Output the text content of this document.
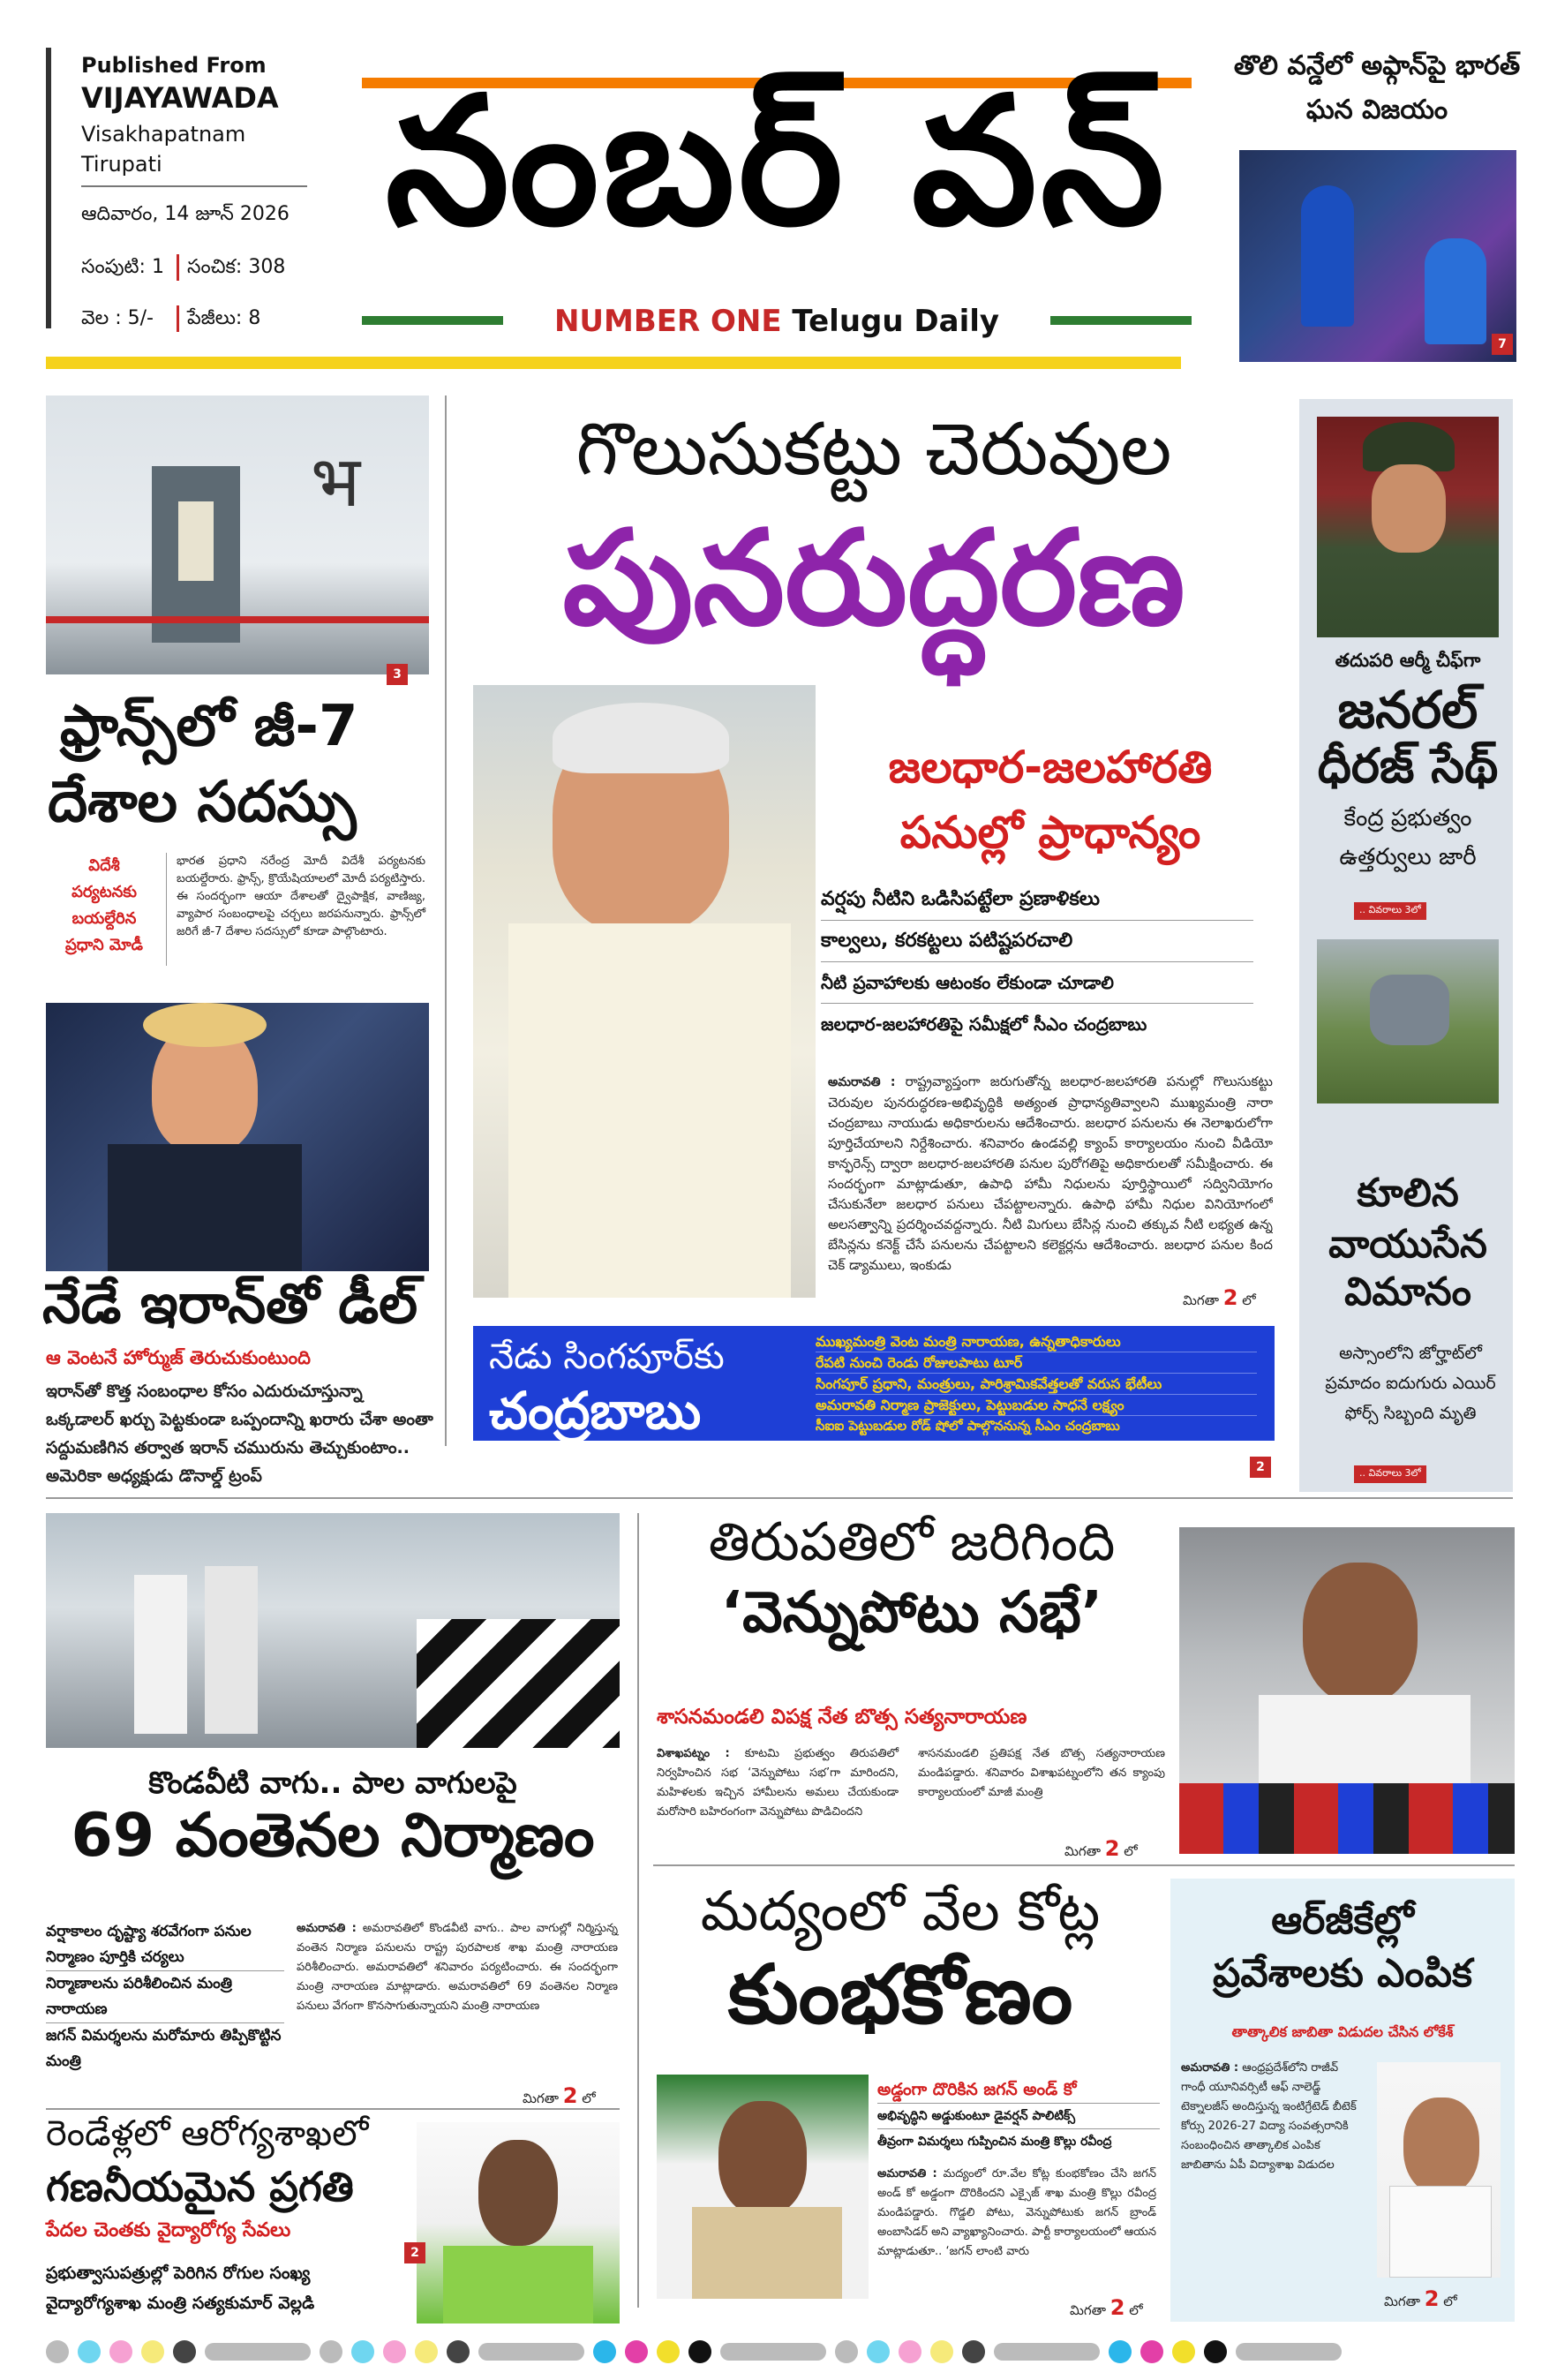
Published From
VIJAYAWADA
Visakhapatnam
Tirupati
ఆదివారం, 14 జూన్ 2026
సంపుటి: 1 సంచిక: 308
వెల : 5/- పేజీలు: 8
నంబర్ వన్
NUMBER ONE Telugu Daily
తొలి వన్డేలో అఫ్గాన్‌పై భారత్ ఘన విజయం
7
भ
3
ఫ్రాన్స్‌లో జీ-7
దేశాల సదస్సు
విదేశీ
పర్యటనకు
బయల్దేరిన
ప్రధాని మోడీ
భారత ప్రధాని నరేంద్ర మోదీ విదేశీ పర్యటనకు బయల్దేరారు. ఫ్రాన్స్, క్రొయేషియాలలో మోదీ పర్యటిస్తారు. ఈ సందర్భంగా ఆయా దేశాలతో ద్వైపాక్షిక, వాణిజ్య, వ్యాపార సంబంధాలపై చర్చలు జరపనున్నారు. ఫ్రాన్స్‌లో జరిగే జీ-7 దేశాల సదస్సులో కూడా పాల్గొంటారు.
నేడే ఇరాన్‌తో డీల్
ఆ వెంటనే హోర్ముజ్ తెరుచుకుంటుంది
ఇరాన్‌తో కొత్త సంబంధాల కోసం ఎదురుచూస్తున్నా ఒక్కడాలర్ ఖర్చు పెట్టకుండా ఒప్పందాన్ని ఖరారు చేశా అంతా సద్దుమణిగిన తర్వాత ఇరాన్ చమురును తెచ్చుకుంటాం.. అమెరికా అధ్యక్షుడు డొనాల్డ్ ట్రంప్
గొలుసుకట్టు చెరువుల
పునరుద్ధరణ
జలధార-జలహారతి
పనుల్లో ప్రాధాన్యం
వర్షపు నీటిని ఒడిసిపట్టేలా ప్రణాళికలు
కాల్వలు, కరకట్టలు పటిష్టపరచాలి
నీటి ప్రవాహాలకు ఆటంకం లేకుండా చూడాలి
జలధార-జలహారతిపై సమీక్షలో సీఎం చంద్రబాబు
అమరావతి : రాష్ట్రవ్యాప్తంగా జరుగుతోన్న జలధార-జలహారతి పనుల్లో గొలుసుకట్టు చెరువుల పునరుద్ధరణ-అభివృద్ధికి అత్యంత ప్రాధాన్యతివ్వాలని ముఖ్యమంత్రి నారా చంద్రబాబు నాయుడు అధికారులను ఆదేశించారు. జలధార పనులను ఈ నెలాఖరులోగా పూర్తిచేయాలని నిర్దేశించారు. శనివారం ఉండవల్లి క్యాంప్ కార్యాలయం నుంచి వీడియో కాన్ఫరెన్స్ ద్వారా జలధార-జలహారతి పనుల పురోగతిపై అధికారులతో సమీక్షించారు. ఈ సందర్భంగా మాట్లాడుతూ, ఉపాధి హామీ నిధులను పూర్తిస్థాయిలో సద్వినియోగం చేసుకునేలా జలధార పనులు చేపట్టాలన్నారు. ఉపాధి హామీ నిధుల వినియోగంలో అలసత్వాన్ని ప్రదర్శించవద్దన్నారు. నీటి మిగులు బేసిన్ల నుంచి తక్కువ నీటి లభ్యత ఉన్న బేసిన్లను కనెక్ట్ చేసే పనులను చేపట్టాలని కలెక్టర్లను ఆదేశించారు. జలధార పనుల కింద చెక్ డ్యాములు, ఇంకుడు
మిగతా 2 లో
నేడు సింగపూర్‌కు
చంద్రబాబు
ముఖ్యమంత్రి వెంట మంత్రి నారాయణ, ఉన్నతాధికారులు
రేపటి నుంచి రెండు రోజులపాటు టూర్
సింగపూర్ ప్రధాని, మంత్రులు, పారిశ్రామికవేత్తలతో వరుస భేటీలు
అమరావతి నిర్మాణ ప్రాజెక్టులు, పెట్టుబడుల సాధనే లక్ష్యం
సీఐఐ పెట్టుబడుల రోడ్ షోలో పాల్గొననున్న సీఎం చంద్రబాబు
2
తదుపరి ఆర్మీ చీఫ్‌గా
జనరల్
ధీరజ్ సేథ్
కేంద్ర ప్రభుత్వం
ఉత్తర్వులు జారీ
.. వివరాలు 3లో
కూలిన
వాయుసేన
విమానం
అస్సాంలోని జోర్హాట్‌లో ప్రమాదం ఐదుగురు ఎయిర్ ఫోర్స్ సిబ్బంది మృతి
.. వివరాలు 3లో
కొండవీటి వాగు.. పాల వాగులపై
69 వంతెనల నిర్మాణం
వర్షాకాలం దృష్ట్యా శరవేగంగా పనుల నిర్మాణం పూర్తికి చర్యలు
నిర్మాణాలను పరిశీలించిన మంత్రి నారాయణ
జగన్ విమర్శలను మరోమారు తిప్పికొట్టిన మంత్రి
అమరావతి : అమరావతిలో కొండవీటి వాగు.. పాల వాగుల్లో నిర్మిస్తున్న వంతెన నిర్మాణ పనులను రాష్ట్ర పురపాలక శాఖ మంత్రి నారాయణ పరిశీలించారు. అమరావతిలో శనివారం పర్యటించారు. ఈ సందర్భంగా మంత్రి నారాయణ మాట్లాడారు. అమరావతిలో 69 వంతెనల నిర్మాణ పనులు వేగంగా కొనసాగుతున్నాయని మంత్రి నారాయణ
మిగతా 2 లో
తిరుపతిలో జరిగింది
‘వెన్నుపోటు సభే’
శాసనమండలి విపక్ష నేత బొత్స సత్యనారాయణ
విశాఖపట్నం : కూటమి ప్రభుత్వం తిరుపతిలో నిర్వహించిన సభ ‘వెన్నుపోటు సభ’గా మారిందని, మహిళలకు ఇచ్చిన హామీలను అమలు చేయకుండా మరోసారి బహిరంగంగా వెన్నుపోటు పొడిచిందని
శాసనమండలి ప్రతిపక్ష నేత బొత్స సత్యనారాయణ మండిపడ్డారు. శనివారం విశాఖపట్నంలోని తన క్యాంపు కార్యాలయంలో మాజీ మంత్రి
మిగతా 2 లో
మద్యంలో వేల కోట్ల
కుంభకోణం
అడ్డంగా దొరికిన జగన్ అండ్ కో
అభివృద్ధిని అడ్డుకుంటూ డైవర్షన్ పాలిటిక్స్
తీవ్రంగా విమర్శలు గుప్పించిన మంత్రి కొల్లు రవీంద్ర
అమరావతి : మద్యంలో రూ.వేల కోట్ల కుంభకోణం చేసి జగన్ అండ్ కో అడ్డంగా దొరికిందని ఎక్సైజ్ శాఖ మంత్రి కొల్లు రవీంద్ర మండిపడ్డారు. గొడ్డలి పోటు, వెన్నుపోటుకు జగన్ బ్రాండ్ అంబాసిడర్ అని వ్యాఖ్యానించారు. పార్టీ కార్యాలయంలో ఆయన మాట్లాడుతూ.. ‘జగన్ లాంటి వారు
మిగతా 2 లో
ఆర్‌జీకేల్లో
ప్రవేశాలకు ఎంపిక
తాత్కాలిక జాబితా విడుదల చేసిన లోకేశ్
అమరావతి : ఆంధ్రప్రదేశ్‌లోని రాజీవ్ గాంధీ యూనివర్సిటీ ఆఫ్ నాలెడ్జ్ టెక్నాలజీస్ అందిస్తున్న ఇంటిగ్రేటెడ్ బీటెక్ కోర్సు 2026-27 విద్యా సంవత్సరానికి సంబంధించిన తాత్కాలిక ఎంపిక జాబితాను ఏపీ విద్యాశాఖ విడుదల
మిగతా 2 లో
రెండేళ్లలో ఆరోగ్యశాఖలో
గణనీయమైన ప్రగతి
పేదల చెంతకు వైద్యారోగ్య సేవలు
ప్రభుత్వాసుపత్రుల్లో పెరిగిన రోగుల సంఖ్య
వైద్యారోగ్యశాఖ మంత్రి సత్యకుమార్ వెల్లడి
2
